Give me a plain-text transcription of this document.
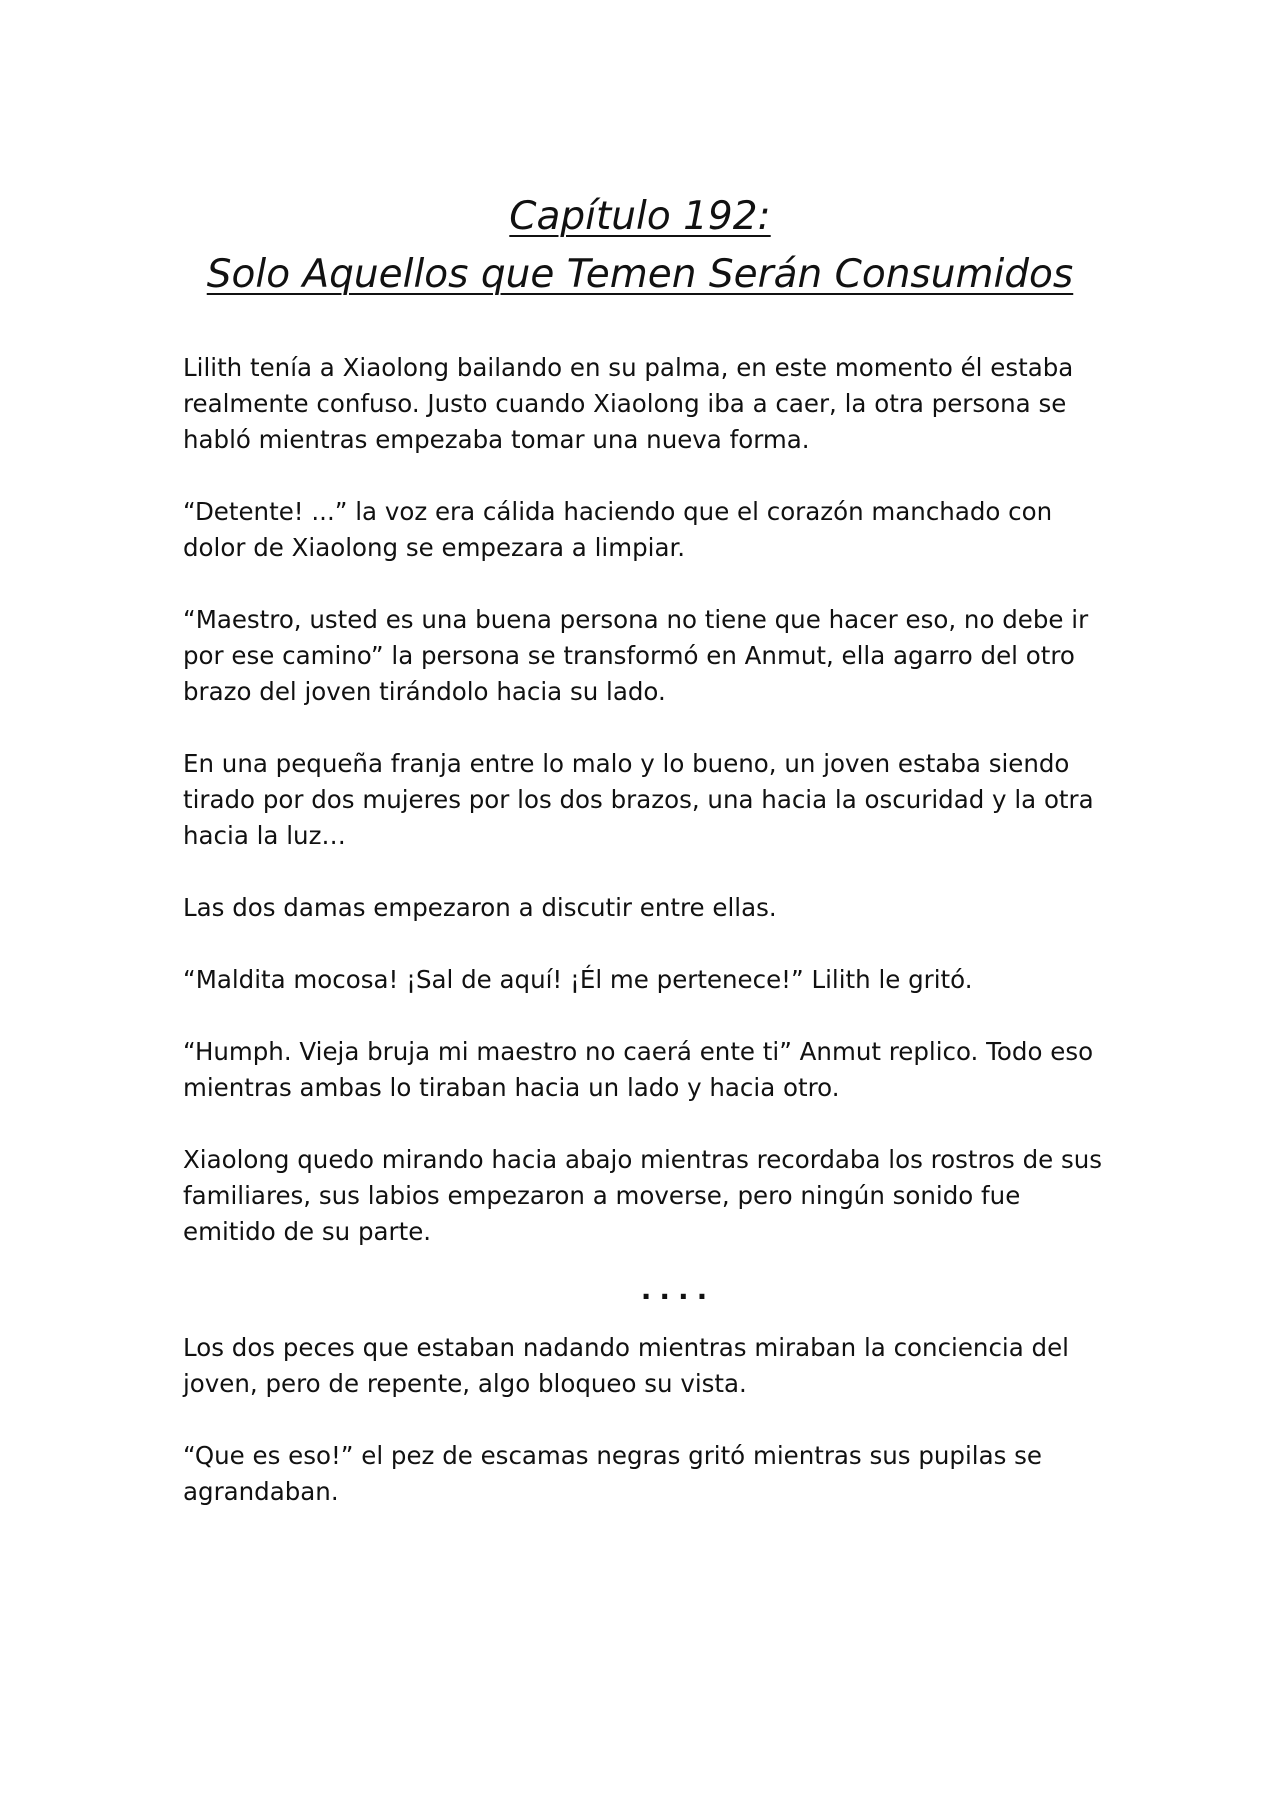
Capítulo 192:
Solo Aquellos que Temen Serán Consumidos

Lilith tenía a Xiaolong bailando en su palma, en este momento él estaba realmente confuso. Justo cuando Xiaolong iba a caer, la otra persona se habló mientras empezaba tomar una nueva forma.

“Detente! ...” la voz era cálida haciendo que el corazón manchado con dolor de Xiaolong se empezara a limpiar.

“Maestro, usted es una buena persona no tiene que hacer eso, no debe ir por ese camino” la persona se transformó en Anmut, ella agarro del otro brazo del joven tirándolo hacia su lado.

En una pequeña franja entre lo malo y lo bueno, un joven estaba siendo tirado por dos mujeres por los dos brazos, una hacia la oscuridad y la otra hacia la luz…

Las dos damas empezaron a discutir entre ellas.

“Maldita mocosa! ¡Sal de aquí! ¡Él me pertenece!” Lilith le gritó.

“Humph. Vieja bruja mi maestro no caerá ente ti” Anmut replico. Todo eso mientras ambas lo tiraban hacia un lado y hacia otro.

Xiaolong quedo mirando hacia abajo mientras recordaba los rostros de sus familiares, sus labios empezaron a moverse, pero ningún sonido fue emitido de su parte.

....

Los dos peces que estaban nadando mientras miraban la conciencia del joven, pero de repente, algo bloqueo su vista.

“Que es eso!” el pez de escamas negras gritó mientras sus pupilas se agrandaban.
